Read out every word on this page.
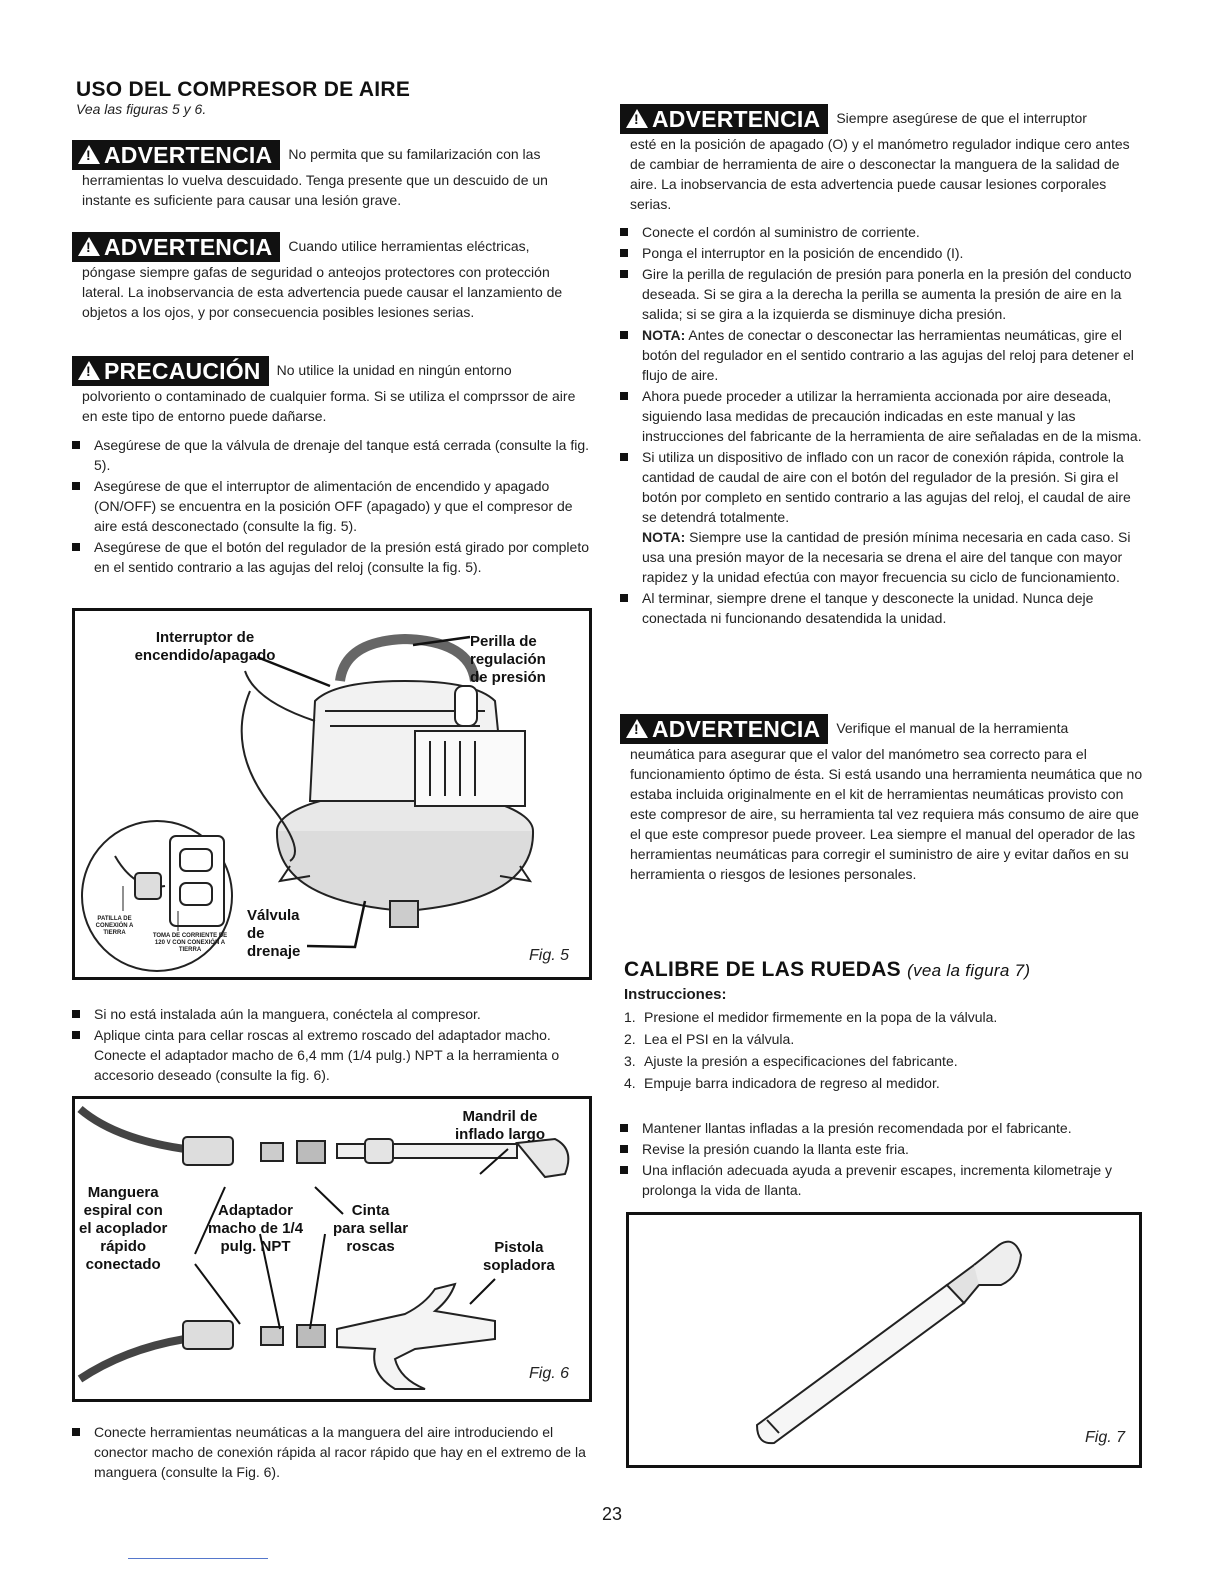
USO DEL COMPRESOR DE AIRE
Vea las figuras 5 y 6.
!ADVERTENCIA No permita que su familarización con las
herramientas lo vuelva descuidado. Tenga presente que un descuido de un instante es suficiente para causar una lesión grave.
!ADVERTENCIA Cuando utilice herramientas eléctricas,
póngase siempre gafas de seguridad o anteojos protectores con protección lateral. La inobservancia de esta advertencia puede causar el lanzamiento de objetos a los ojos, y por consecuencia posibles lesiones serias.
!PRECAUCIÓN No utilice la unidad en ningún entorno
polvoriento o contaminado de cualquier forma. Si se utiliza el comprssor de aire en este tipo de entorno puede dañarse.
Asegúrese de que la válvula de drenaje del tanque está cerrada (consulte la fig. 5).
Asegúrese de que el interruptor de alimentación de encendido y apagado (ON/OFF) se encuentra en la posición OFF (apagado) y que el compresor de aire está desconectado (consulte la fig. 5).
Asegúrese de que el botón del regulador de la presión está girado por completo en el sentido contrario a las agujas del reloj (consulte la fig. 5).
Interruptor de
encendido/apagado
Perilla de
regulación
de presión
Válvula
de
drenaje
PATILLA DE
CONEXIÓN A
TIERRA	TOMA DE CORRIENTE DE
120 V CON CONEXIÓN A
TIERRA	Fig. 5
Si no está instalada aún la manguera, conéctela al compresor.
Aplique cinta para cellar roscas al extremo roscado del adaptador macho. Conecte el adaptador macho de 6,4 mm (1/4 pulg.) NPT a la herramienta o accesorio deseado (consulte la fig. 6).
Mandril de
inflado largo
Manguera
espiral con
el acoplador
rápido
conectado
Adaptador
macho de 1/4
pulg. NPT
Cinta
para sellar
roscas	Pistola
sopladora
Fig. 6
Conecte herramientas neumáticas a la manguera del aire introduciendo el conector macho de conexión rápida al racor rápido que hay en el extremo de la manguera (consulte la Fig. 6).
!ADVERTENCIA Siempre asegúrese de que el interruptor
esté en la posición de apagado (O) y el manómetro regulador indique cero antes de cambiar de herramienta de aire o desconectar la manguera de la salidad de aire. La inobservancia de esta advertencia puede causar lesiones corporales serias.
Conecte el cordón al suministro de corriente.
Ponga el interruptor en la posición de encendido (I).
Gire la perilla de regulación de presión para ponerla en la presión del conducto deseada. Si se gira a la derecha la perilla se aumenta la presión de aire en la salida; si se gira a la izquierda se disminuye dicha presión.
NOTA: Antes de conectar o desconectar las herramientas neumáticas, gire el botón del regulador en el sentido contrario a las agujas del reloj para detener el flujo de aire.
Ahora puede proceder a utilizar la herramienta accionada por aire deseada, siguiendo lasa medidas de precaución indicadas en este manual y las instrucciones del fabricante de la herramienta de aire señaladas en de la misma.
Si utiliza un dispositivo de inflado con un racor de conexión rápida, controle la cantidad de caudal de aire con el botón del regulador de la presión. Si gira el botón por completo en sentido contrario a las agujas del reloj, el caudal de aire se detendrá totalmente.
NOTA: Siempre use la cantidad de presión mínima necesaria en cada caso. Si usa una presión mayor de la necesaria se drena el aire del tanque con mayor rapidez y la unidad efectúa con mayor frecuencia su ciclo de funcionamiento.
Al terminar, siempre drene el tanque y desconecte la unidad. Nunca deje conectada ni funcionando desatendida la unidad.
!ADVERTENCIA Verifique el manual de la herramienta
neumática para asegurar que el valor del manómetro sea correcto para el funcionamiento óptimo de ésta. Si está usando una herramienta neumática que no estaba incluida originalmente en el kit de herramientas neumáticas provisto con este compresor de aire, su herramienta tal vez requiera más consumo de aire que el que este compresor puede proveer. Lea siempre el manual del operador de las herramientas neumáticas para corregir el suministro de aire y evitar daños en su herramienta o riesgos de lesiones personales.
CALIBRE DE LAS RUEDAS (vea la figura 7)
Instrucciones:
1. Presione el medidor firmemente en la popa de la válvula.
2. Lea el PSI en la válvula.
3. Ajuste la presión a especificaciones del fabricante.
4. Empuje barra indicadora de regreso al medidor.
Mantener llantas infladas a la presión recomendada por el fabricante.
Revise la presión cuando la llanta este fria.
Una inflación adecuada ayuda a prevenir escapes, incrementa kilometraje y prolonga la vida de llanta.
Fig. 7
23
